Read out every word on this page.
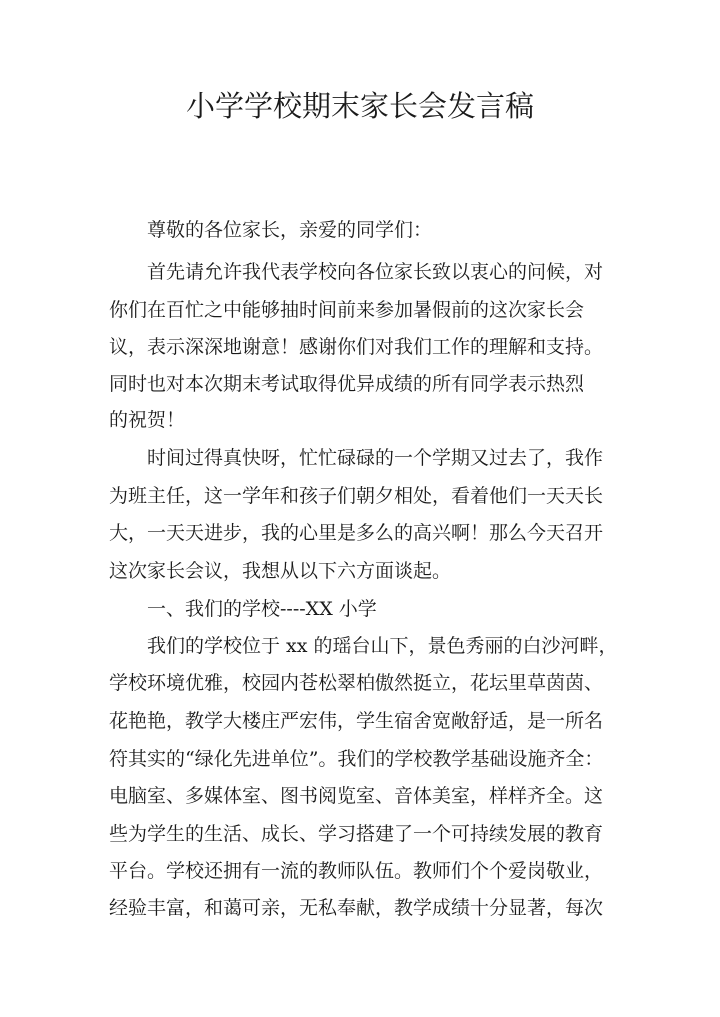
小学学校期末家长会发言稿
尊敬的各位家长，亲爱的同学们：
首先请允许我代表学校向各位家长致以衷心的问候，对
你们在百忙之中能够抽时间前来参加暑假前的这次家长会
议，表示深深地谢意！感谢你们对我们工作的理解和支持。
同时也对本次期末考试取得优异成绩的所有同学表示热烈
的祝贺！
时间过得真快呀，忙忙碌碌的一个学期又过去了，我作
为班主任，这一学年和孩子们朝夕相处，看着他们一天天长
大，一天天进步，我的心里是多么的高兴啊！那么今天召开
这次家长会议，我想从以下六方面谈起。
一、我们的学校----XX 小学
我们的学校位于 xx 的瑶台山下，景色秀丽的白沙河畔，
学校环境优雅，校园内苍松翠柏傲然挺立，花坛里草茵茵、
花艳艳，教学大楼庄严宏伟，学生宿舍宽敞舒适，是一所名
符其实的“绿化先进单位”。我们的学校教学基础设施齐全：
电脑室、多媒体室、图书阅览室、音体美室，样样齐全。这
些为学生的生活、成长、学习搭建了一个可持续发展的教育
平台。学校还拥有一流的教师队伍。教师们个个爱岗敬业，
经验丰富，和蔼可亲，无私奉献，教学成绩十分显著，每次
